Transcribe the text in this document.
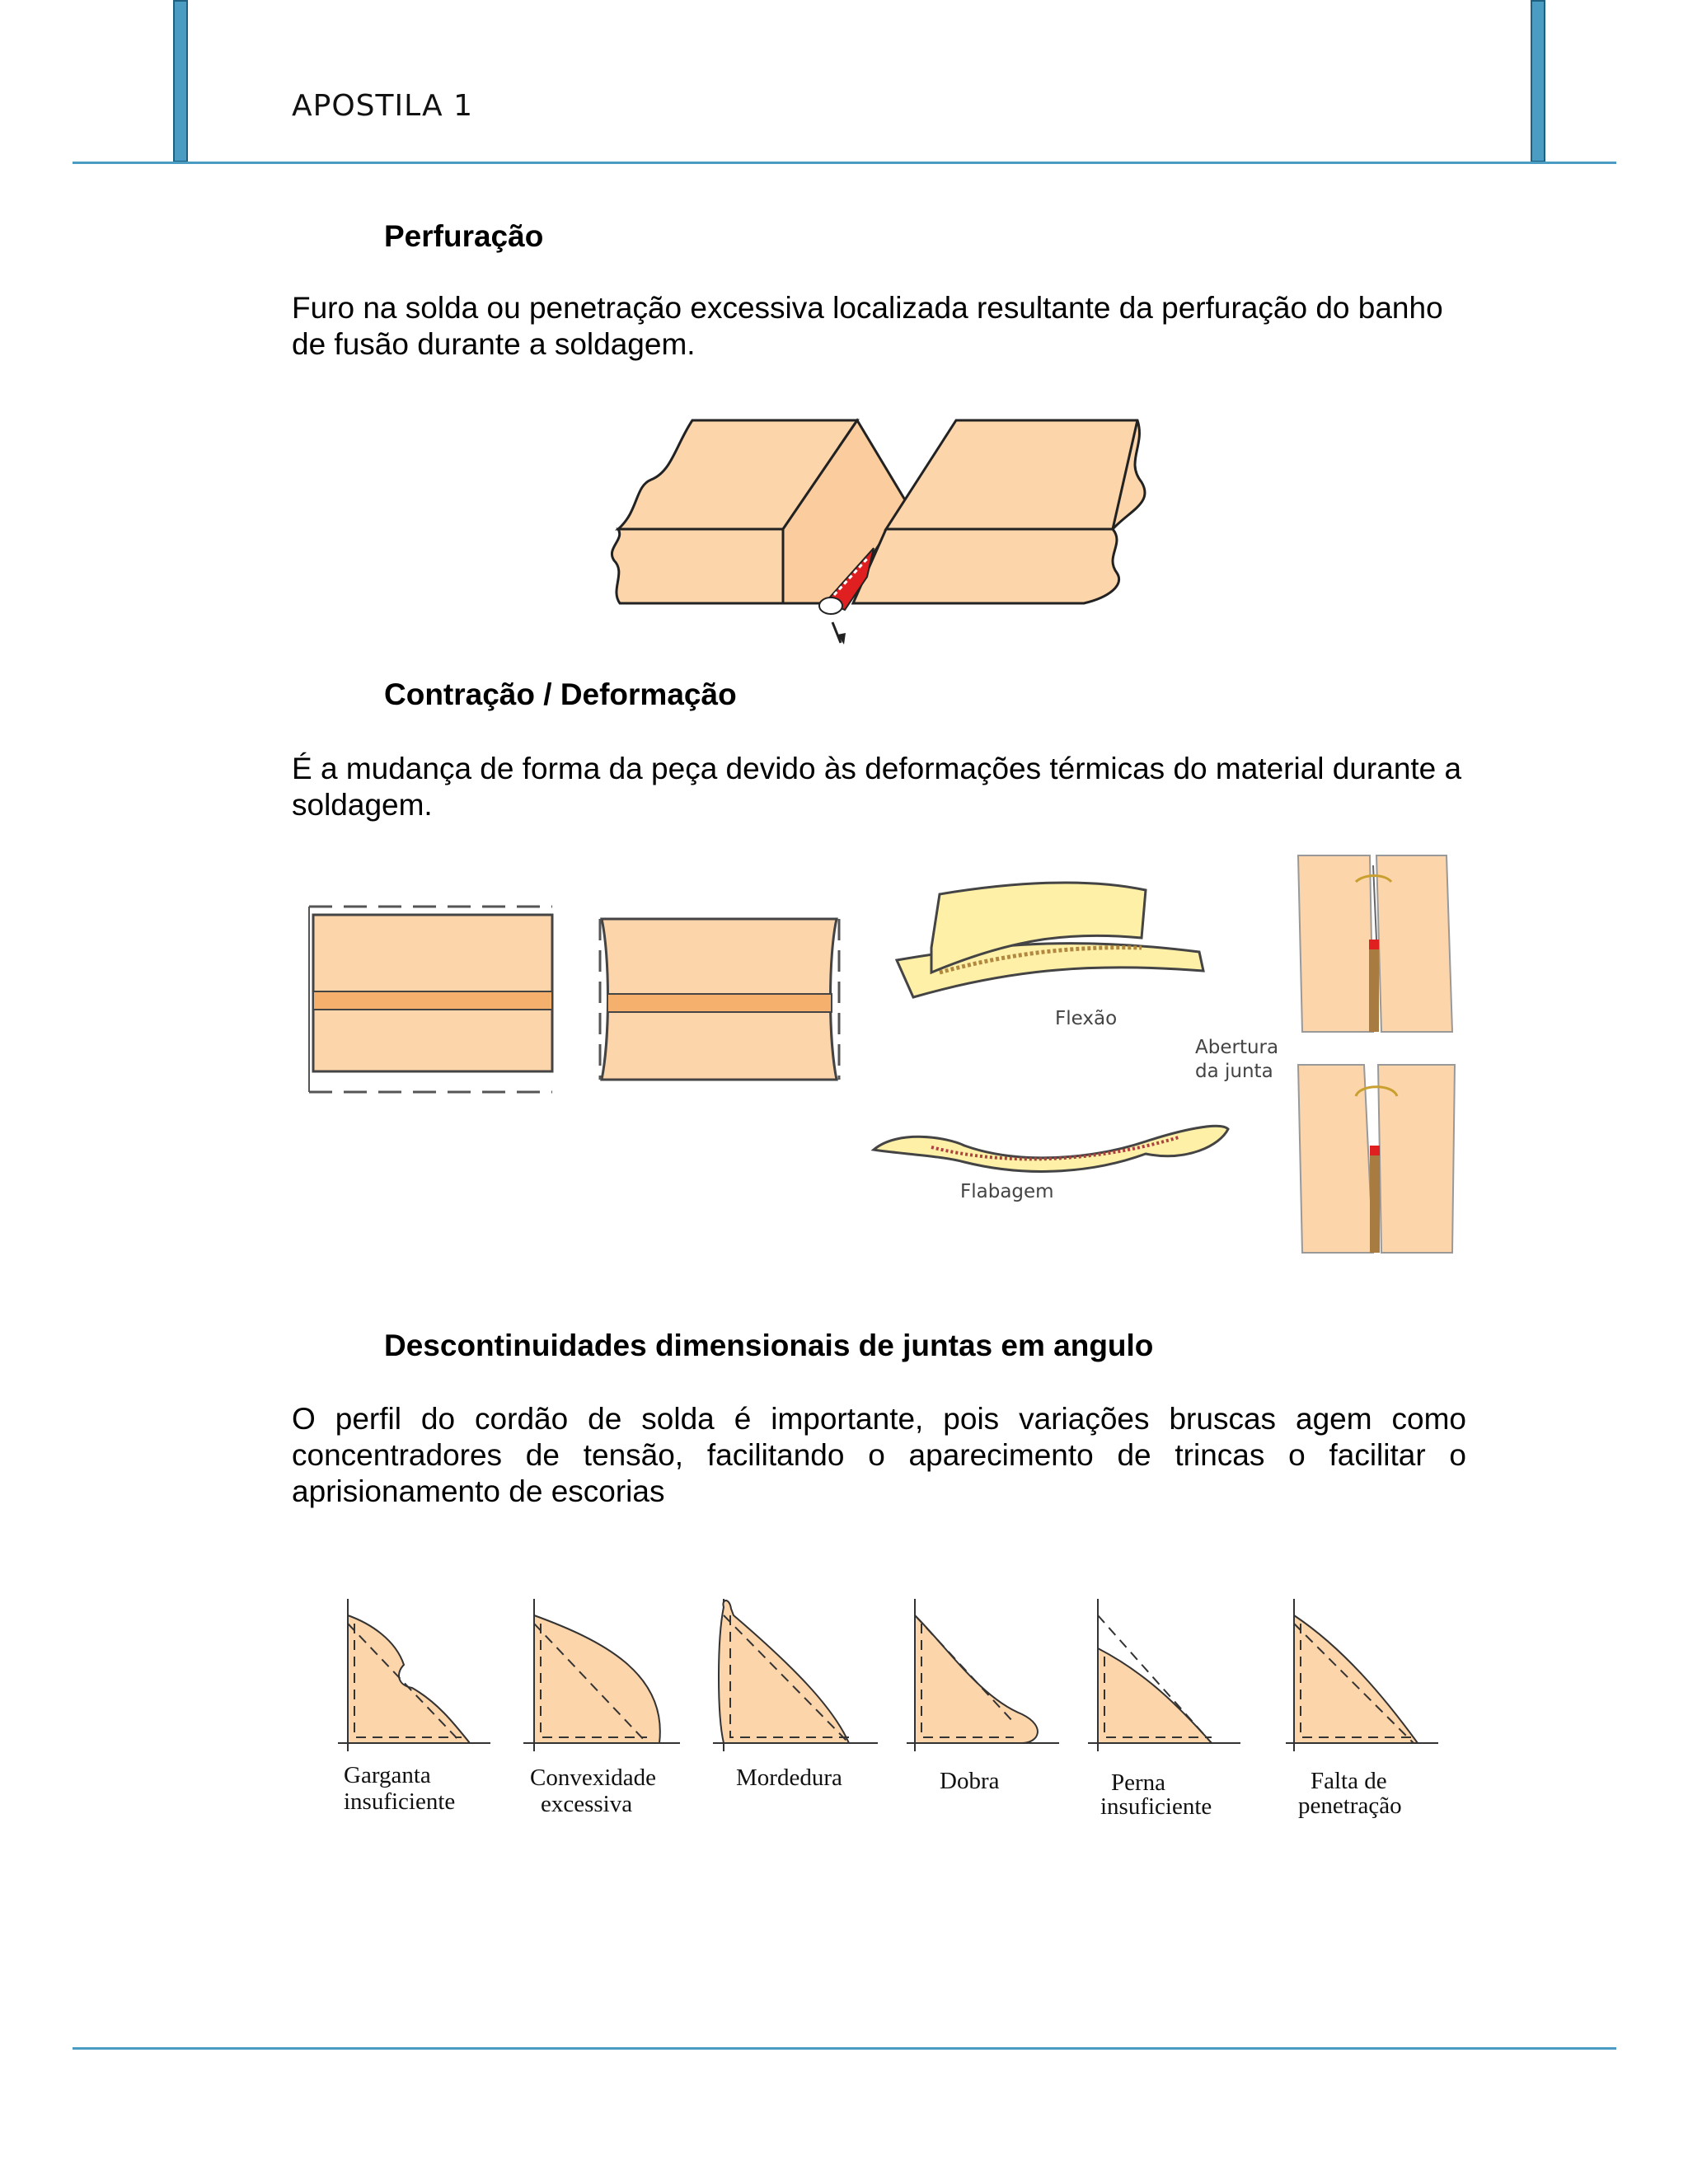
APOSTILA 1
Perfuração
Furo na solda ou penetração excessiva localizada resultante da perfuração do banho de fusão durante a soldagem.
Contração / Deformação
É a mudança de forma da peça devido às deformações térmicas do material durante a soldagem.
Flexão
Flabagem
Abertura
da junta
Descontinuidades dimensionais de juntas em angulo
O perfil do cordão de solda é importante, pois variações bruscas agem como concentradores de tensão, facilitando o aparecimento de trincas o facilitar o aprisionamento de escorias
Garganta
insuficiente
Convexidade
excessiva
Mordedura	Dobra	Perna
insuficiente
Falta de
penetração
